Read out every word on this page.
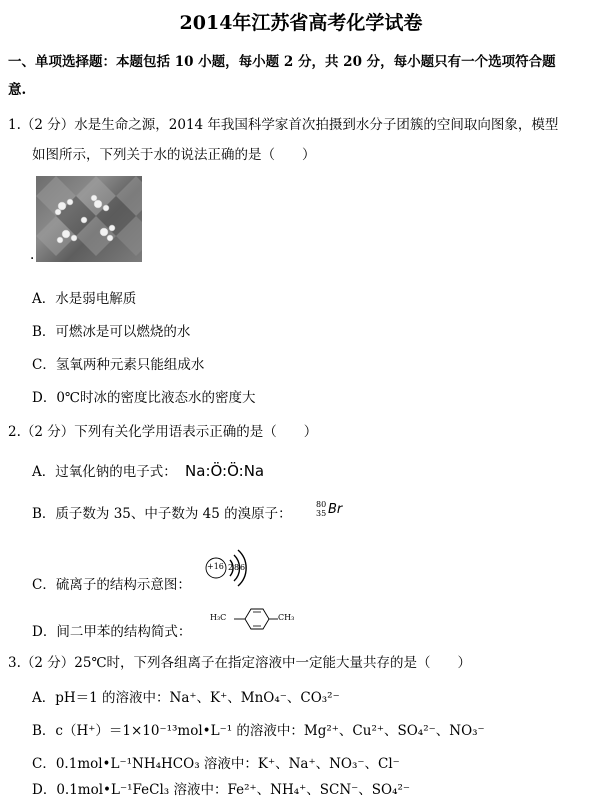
2014年江苏省高考化学试卷
一、单项选择题：本题包括 10 小题，每小题 2 分，共 20 分，每小题只有一个选项符合题
意.
1.（2 分）水是生命之源，2014 年我国科学家首次拍摄到水分子团簇的空间取向图象，模型
如图所示，下列关于水的说法正确的是（　　）
.
A．水是弱电解质
B．可燃冰是可以燃烧的水
C．氢氧两种元素只能组成水
D．0℃时冰的密度比液态水的密度大
2.（2 分）下列有关化学用语表示正确的是（　　）
A．过氧化钠的电子式： Na:Ö:Ö:Na
B．质子数为 35、中子数为 45 的溴原子：
80
35 Br
C．硫离子的结构示意图：
+16 2 8 6
D．间二甲苯的结构简式：
H₃C	CH₃
3.（2 分）25℃时，下列各组离子在指定溶液中一定能大量共存的是（　　）
A．pH＝1 的溶液中：Na⁺、K⁺、MnO₄⁻、CO₃²⁻
B．c（H⁺）＝1×10⁻¹³mol•L⁻¹ 的溶液中：Mg²⁺、Cu²⁺、SO₄²⁻、NO₃⁻
C．0.1mol•L⁻¹NH₄HCO₃ 溶液中：K⁺、Na⁺、NO₃⁻、Cl⁻
D．0.1mol•L⁻¹FeCl₃ 溶液中：Fe²⁺、NH₄⁺、SCN⁻、SO₄²⁻
